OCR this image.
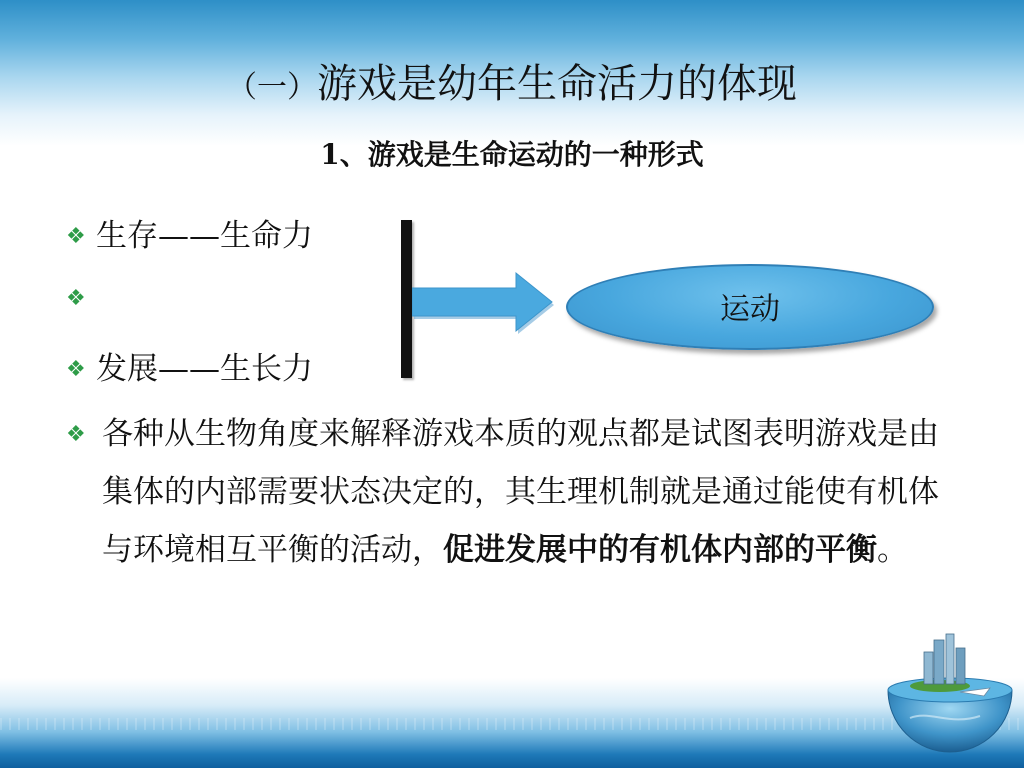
（一）游戏是幼年生命活力的体现
1、游戏是生命运动的一种形式
❖ 生存——生命力
❖
❖ 发展——生长力
运动
❖ 各种从生物角度来解释游戏本质的观点都是试图表明游戏是由集体的内部需要状态决定的，其生理机制就是通过能使有机体与环境相互平衡的活动，促进发展中的有机体内部的平衡。
